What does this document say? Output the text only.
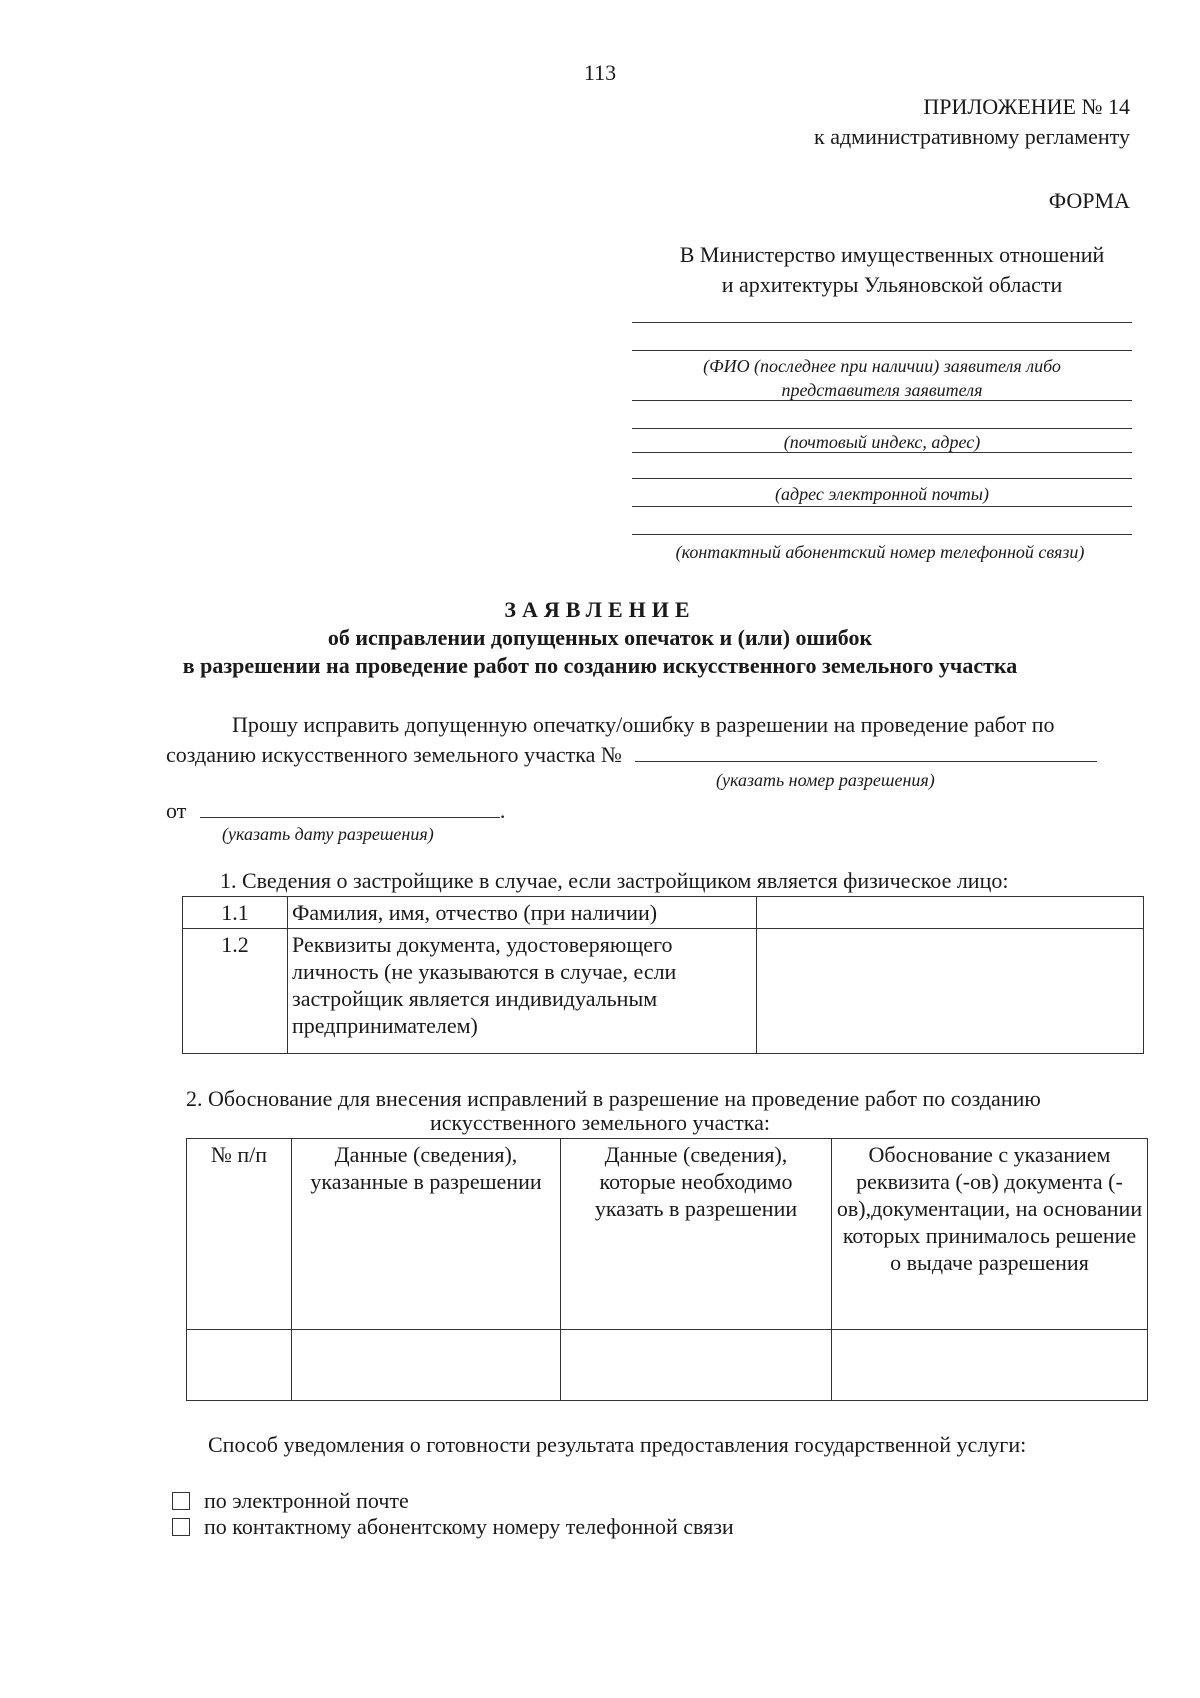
113
ПРИЛОЖЕНИЕ № 14
к административному регламенту
ФОРМА
В Министерство имущественных отношений
и архитектуры Ульяновской области
(ФИО (последнее при наличии) заявителя либо
представителя заявителя
(почтовый индекс, адрес)
(адрес электронной почты)
(контактный абонентский номер телефонной связи)
ЗАЯВЛЕНИЕ
об исправлении допущенных опечаток и (или) ошибок
в разрешении на проведение работ по созданию искусственного земельного участка
Прошу исправить допущенную опечатку/ошибку в разрешении на проведение работ по
созданию искусственного земельного участка №
(указать номер разрешения)
от	.
(указать дату разрешения)
1. Сведения о застройщике в случае, если застройщиком является физическое лицо:
1.1	Фамилия, имя, отчество (при наличии)	
1.2	Реквизиты документа, удостоверяющего личность (не указываются в случае, если застройщик является индивидуальным предпринимателем)	
2. Обоснование для внесения исправлений в разрешение на проведение работ по созданию
искусственного земельного участка:
№ п/п	Данные (сведения), указанные в разрешении	Данные (сведения), которые необходимо указать в разрешении	Обоснование с указанием реквизита (-ов) документа (-ов),документации, на основании которых принималось решение о выдаче разрешения

Способ уведомления о готовности результата предоставления государственной услуги:
по электронной почте
по контактному абонентскому номеру телефонной связи
